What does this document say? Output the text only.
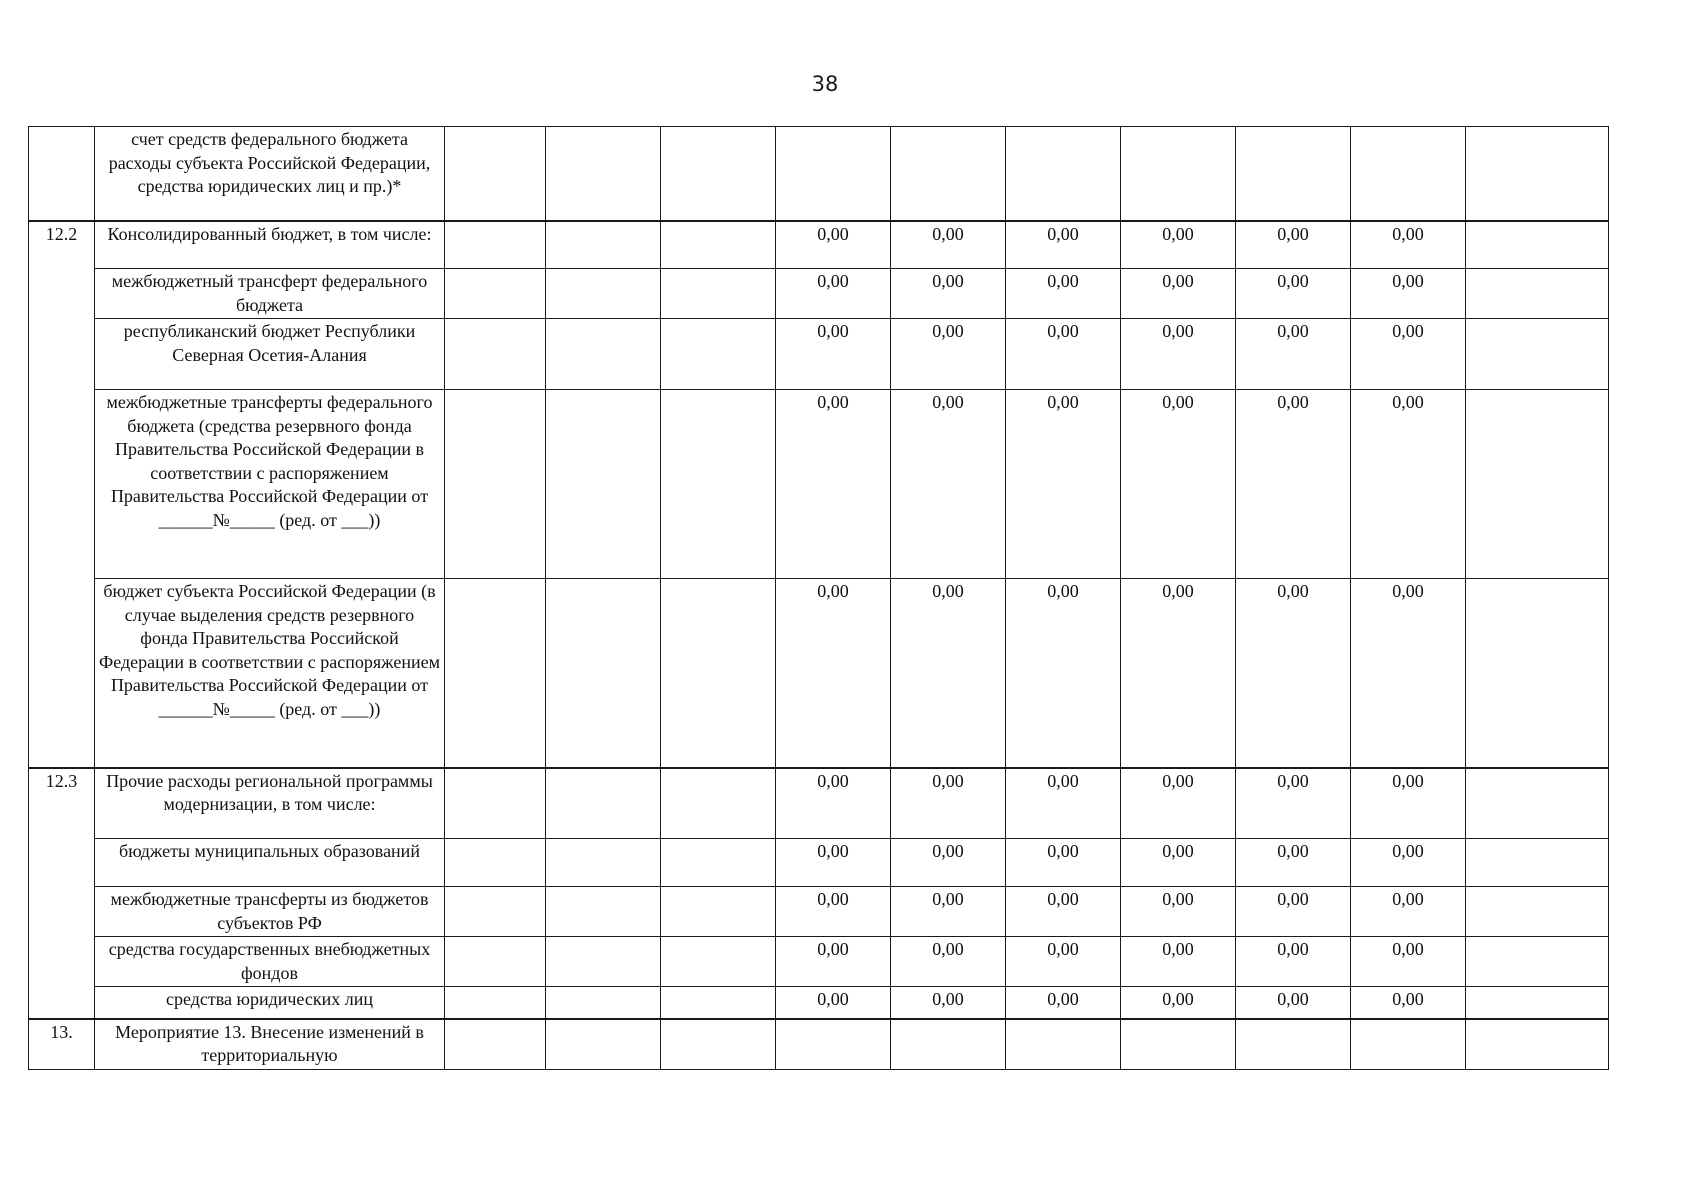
38
	счет средств федерального бюджета расходы субъекта Российской Федерации, средства юридических лиц и пр.)*										
12.2	Консолидированный бюджет, в том числе:				0,00	0,00	0,00	0,00	0,00	0,00	
	межбюджетный трансферт федерального бюджета				0,00	0,00	0,00	0,00	0,00	0,00	
	республиканский бюджет Республики Северная Осетия-Алания				0,00	0,00	0,00	0,00	0,00	0,00	
	межбюджетные трансферты федерального бюджета (средства резервного фонда Правительства Российской Федерации в соответствии с распоряжением Правительства Российской Федерации от ______№_____ (ред. от ___))				0,00	0,00	0,00	0,00	0,00	0,00	
	бюджет субъекта Российской Федерации (в случае выделения средств резервного фонда Правительства Российской Федерации в соответствии с распоряжением Правительства Российской Федерации от ______№_____ (ред. от ___))				0,00	0,00	0,00	0,00	0,00	0,00	
12.3	Прочие расходы региональной программы модернизации, в том числе:				0,00	0,00	0,00	0,00	0,00	0,00	
	бюджеты муниципальных образований				0,00	0,00	0,00	0,00	0,00	0,00	
	межбюджетные трансферты из бюджетов субъектов РФ				0,00	0,00	0,00	0,00	0,00	0,00	
	средства государственных внебюджетных фондов				0,00	0,00	0,00	0,00	0,00	0,00	
	средства юридических лиц				0,00	0,00	0,00	0,00	0,00	0,00	
13.	Мероприятие 13. Внесение изменений в территориальную										
